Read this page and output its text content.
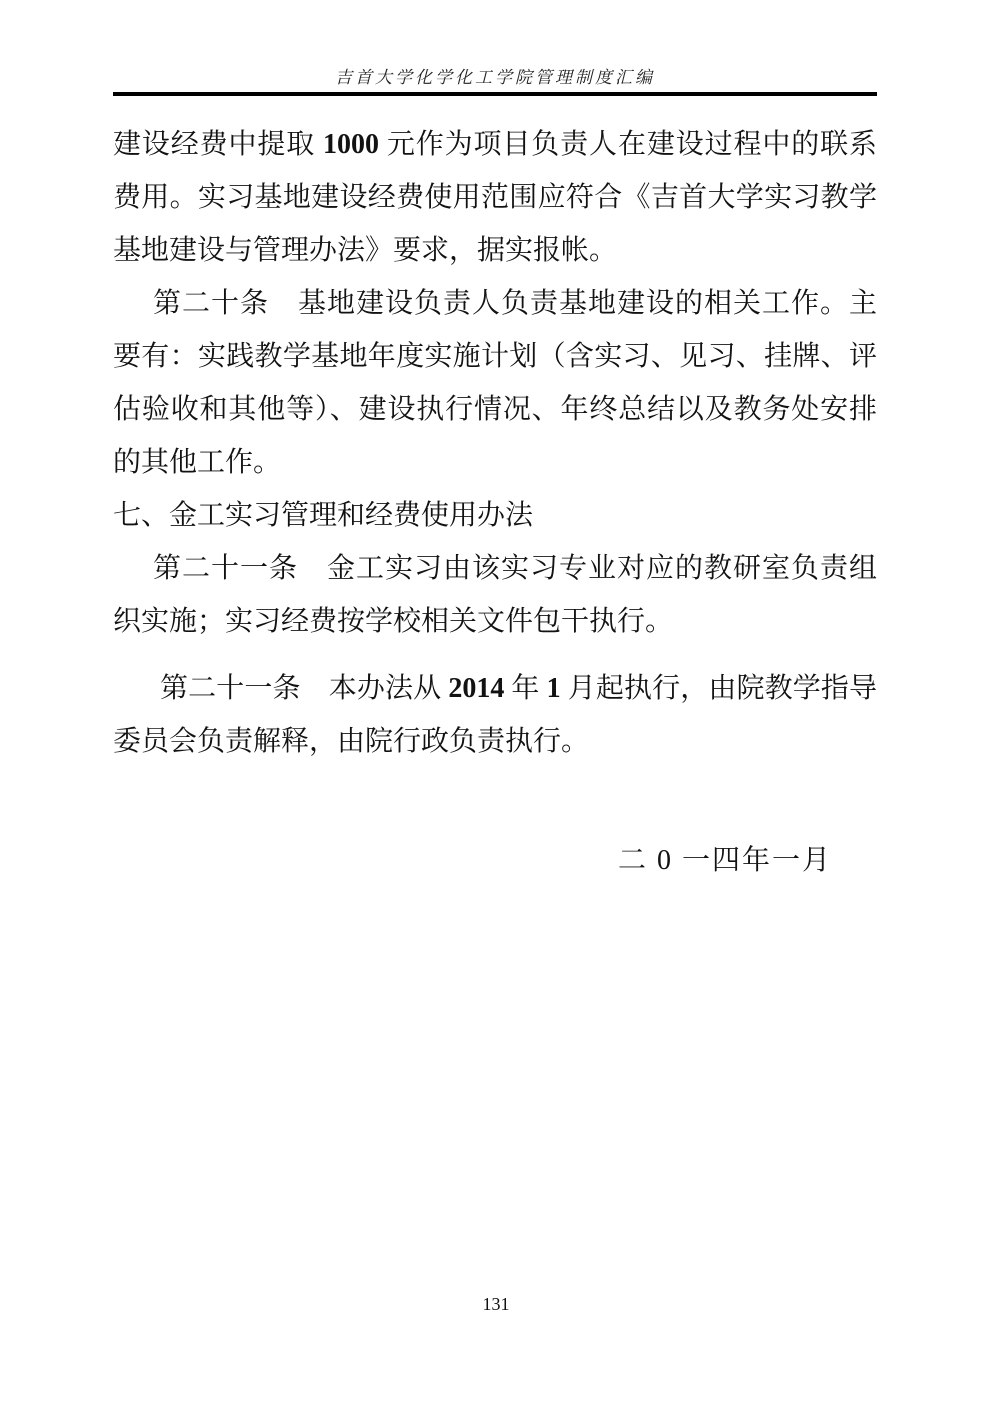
吉首大学化学化工学院管理制度汇编

建设经费中提取 1000 元作为项目负责人在建设过程中的联系费用。实习基地建设经费使用范围应符合《吉首大学实习教学基地建设与管理办法》要求，据实报帐。

第二十条　基地建设负责人负责基地建设的相关工作。主要有：实践教学基地年度实施计划（含实习、见习、挂牌、评估验收和其他等）、建设执行情况、年终总结以及教务处安排的其他工作。

七、金工实习管理和经费使用办法

第二十一条　金工实习由该实习专业对应的教研室负责组织实施；实习经费按学校相关文件包干执行。

第二十一条　本办法从 2014 年 1 月起执行，由院教学指导委员会负责解释，由院行政负责执行。

二 0 一四年一月
131
